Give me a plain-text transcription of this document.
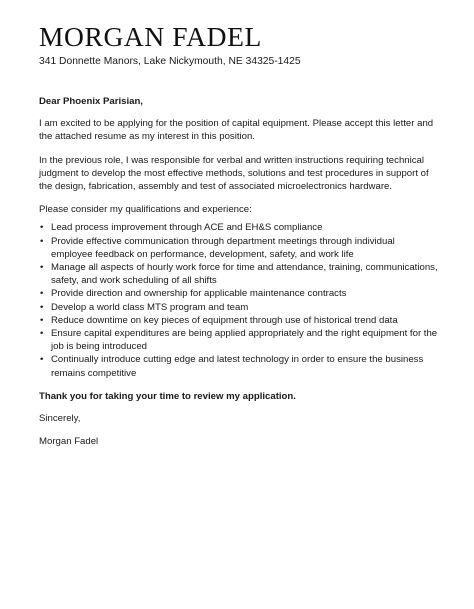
MORGAN FADEL
341 Donnette Manors, Lake Nickymouth, NE 34325-1425

Dear Phoenix Parisian,

I am excited to be applying for the position of capital equipment. Please accept this letter and the attached resume as my interest in this position.

In the previous role, I was responsible for verbal and written instructions requiring technical judgment to develop the most effective methods, solutions and test procedures in support of the design, fabrication, assembly and test of associated microelectronics hardware.

Please consider my qualifications and experience:

• Lead process improvement through ACE and EH&S compliance
• Provide effective communication through department meetings through individual employee feedback on performance, development, safety, and work life
• Manage all aspects of hourly work force for time and attendance, training, communications, safety, and work scheduling of all shifts
• Provide direction and ownership for applicable maintenance contracts
• Develop a world class MTS program and team
• Reduce downtime on key pieces of equipment through use of historical trend data
• Ensure capital expenditures are being applied appropriately and the right equipment for the job is being introduced
• Continually introduce cutting edge and latest technology in order to ensure the business remains competitive

Thank you for taking your time to review my application.

Sincerely,

Morgan Fadel
